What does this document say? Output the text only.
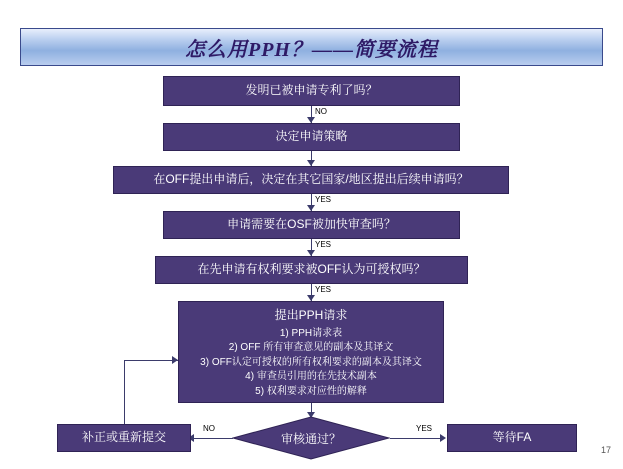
怎么用PPH？——简要流程
发明已被申请专利了吗？
NO
决定申请策略
在OFF提出申请后，决定在其它国家/地区提出后续申请吗？
YES
申请需要在OSF被加快审查吗？
YES
在先申请有权利要求被OFF认为可授权吗？
YES
提出PPH请求
1) PPH请求表
2) OFF 所有审查意见的副本及其译文
3) OFF认定可授权的所有权利要求的副本及其译文
4) 审查员引用的在先技术副本
5) 权利要求对应性的解释
审核通过？
NO	YES
补正或重新提交	等待FA
17
